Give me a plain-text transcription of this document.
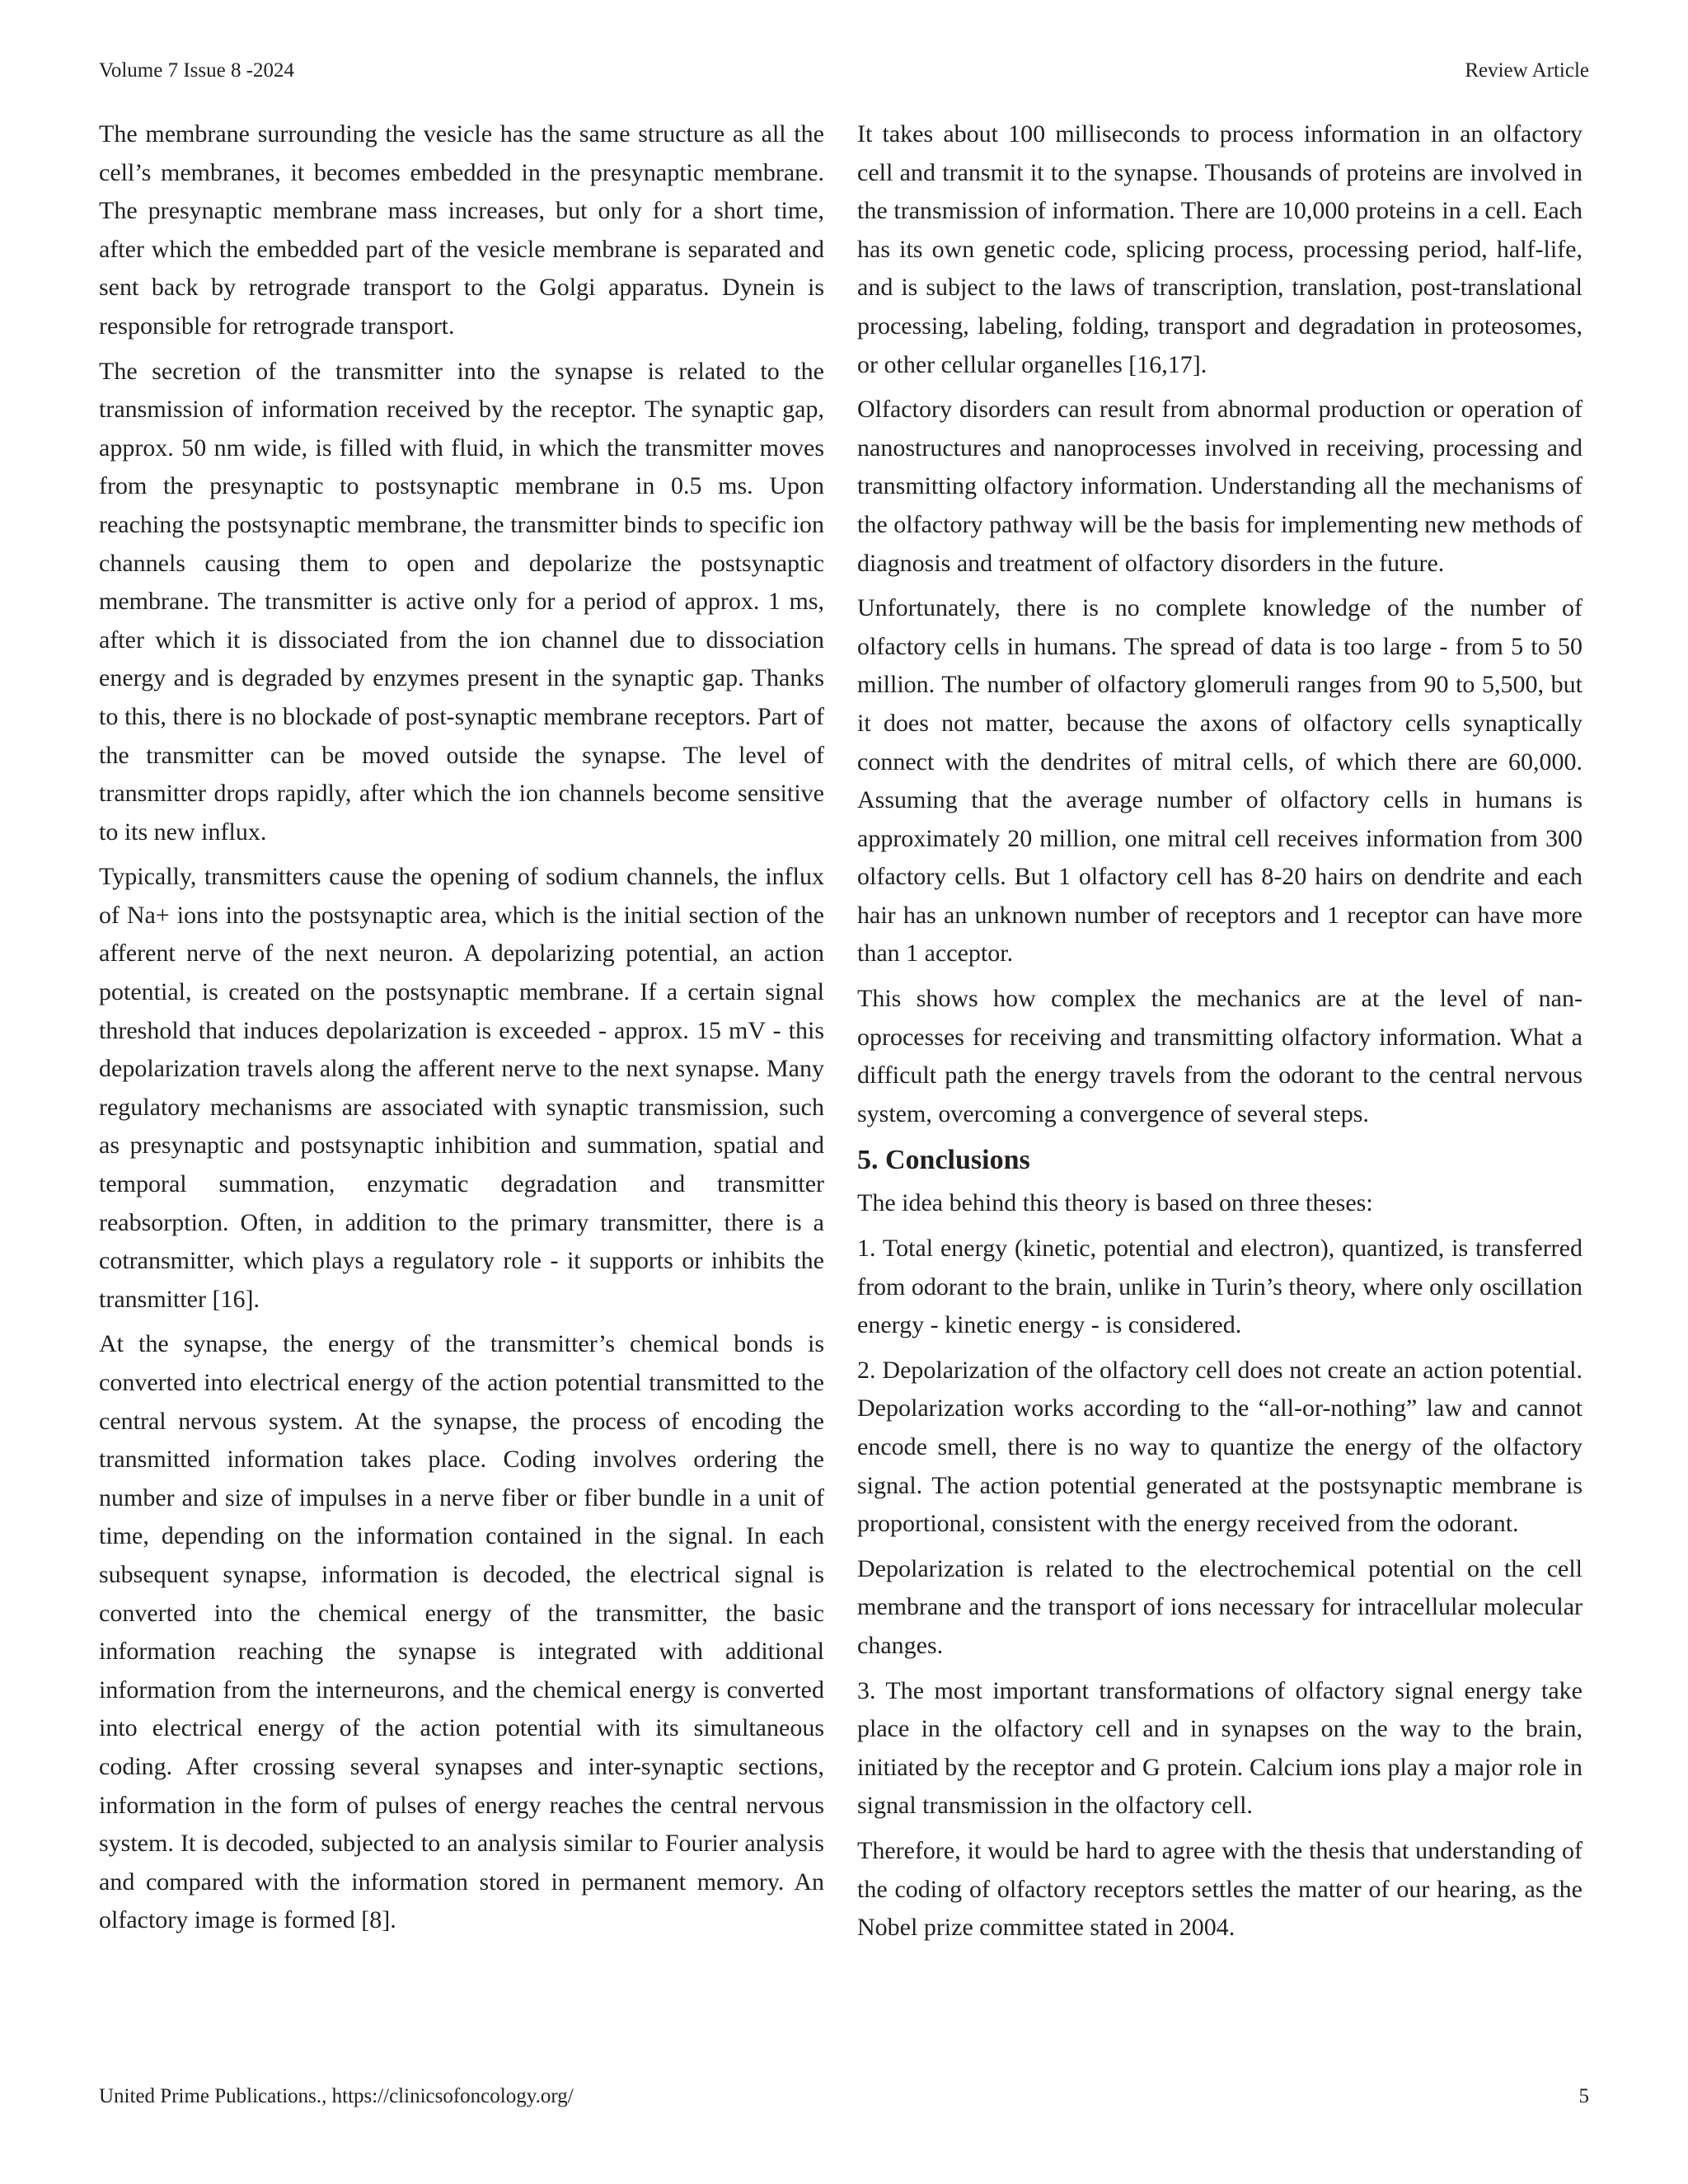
Volume 7 Issue 8 -2024	Review Article

The membrane surrounding the vesicle has the same structure as all the cell’s membranes, it becomes embedded in the presynaptic membrane. The presynaptic membrane mass increases, but only for a short time, after which the embedded part of the vesicle membrane is separated and sent back by retrograde transport to the Golgi apparatus. Dynein is responsible for retrograde transport.

The secretion of the transmitter into the synapse is related to the transmission of information received by the receptor. The synaptic gap, approx. 50 nm wide, is filled with fluid, in which the transmitter moves from the presynaptic to postsynaptic membrane in 0.5 ms. Upon reaching the postsynaptic membrane, the transmitter binds to specific ion channels causing them to open and depolarize the postsynaptic membrane. The transmitter is active only for a period of approx. 1 ms, after which it is dissociated from the ion channel due to dissociation energy and is degraded by enzymes present in the synaptic gap. Thanks to this, there is no blockade of post-synaptic membrane receptors. Part of the transmitter can be moved outside the synapse. The level of transmitter drops rapidly, after which the ion channels become sensitive to its new influx.

Typically, transmitters cause the opening of sodium channels, the influx of Na+ ions into the postsynaptic area, which is the initial section of the afferent nerve of the next neuron. A depolarizing potential, an action potential, is created on the postsynaptic membrane. If a certain signal threshold that induces depolarization is exceeded - approx. 15 mV - this depolarization travels along the afferent nerve to the next synapse. Many regulatory mechanisms are associated with synaptic transmission, such as presynaptic and postsynaptic inhibition and summation, spatial and temporal summation, enzymatic degradation and transmitter reabsorption. Often, in addition to the primary transmitter, there is a cotransmitter, which plays a regulatory role - it supports or inhibits the transmitter [16].

At the synapse, the energy of the transmitter’s chemical bonds is converted into electrical energy of the action potential transmitted to the central nervous system. At the synapse, the process of encoding the transmitted information takes place. Coding involves ordering the number and size of impulses in a nerve fiber or fiber bundle in a unit of time, depending on the information contained in the signal. In each subsequent synapse, information is decoded, the electrical signal is converted into the chemical energy of the transmitter, the basic information reaching the synapse is integrated with additional information from the interneurons, and the chemical energy is converted into electrical energy of the action potential with its simultaneous coding. After crossing several synapses and inter-synaptic sections, information in the form of pulses of energy reaches the central nervous system. It is decoded, subjected to an analysis similar to Fourier analysis and compared with the information stored in permanent memory. An olfactory image is formed [8].

It takes about 100 milliseconds to process information in an olfactory cell and transmit it to the synapse. Thousands of proteins are involved in the transmission of information. There are 10,000 proteins in a cell. Each has its own genetic code, splicing process, processing period, half-life, and is subject to the laws of transcription, translation, post-translational processing, labeling, folding, transport and degradation in proteosomes, or other cellular organelles [16,17].

Olfactory disorders can result from abnormal production or operation of nanostructures and nanoprocesses involved in receiving, processing and transmitting olfactory information. Understanding all the mechanisms of the olfactory pathway will be the basis for implementing new methods of diagnosis and treatment of olfactory disorders in the future.

Unfortunately, there is no complete knowledge of the number of olfactory cells in humans. The spread of data is too large - from 5 to 50 million. The number of olfactory glomeruli ranges from 90 to 5,500, but it does not matter, because the axons of olfactory cells synaptically connect with the dendrites of mitral cells, of which there are 60,000. Assuming that the average number of olfactory cells in humans is approximately 20 million, one mitral cell receives information from 300 olfactory cells. But 1 olfactory cell has 8-20 hairs on dendrite and each hair has an unknown number of receptors and 1 receptor can have more than 1 acceptor.

This shows how complex the mechanics are at the level of nanoprocesses for receiving and transmitting olfactory information. What a difficult path the energy travels from the odorant to the central nervous system, overcoming a convergence of several steps.

5. Conclusions

The idea behind this theory is based on three theses:

1. Total energy (kinetic, potential and electron), quantized, is transferred from odorant to the brain, unlike in Turin’s theory, where only oscillation energy - kinetic energy - is considered.

2. Depolarization of the olfactory cell does not create an action potential. Depolarization works according to the “all-or-nothing” law and cannot encode smell, there is no way to quantize the energy of the olfactory signal. The action potential generated at the postsynaptic membrane is proportional, consistent with the energy received from the odorant.

Depolarization is related to the electrochemical potential on the cell membrane and the transport of ions necessary for intracellular molecular changes.

3. The most important transformations of olfactory signal energy take place in the olfactory cell and in synapses on the way to the brain, initiated by the receptor and G protein. Calcium ions play a major role in signal transmission in the olfactory cell.

Therefore, it would be hard to agree with the thesis that understanding of the coding of olfactory receptors settles the matter of our hearing, as the Nobel prize committee stated in 2004.

United Prime Publications., https://clinicsofoncology.org/	5
